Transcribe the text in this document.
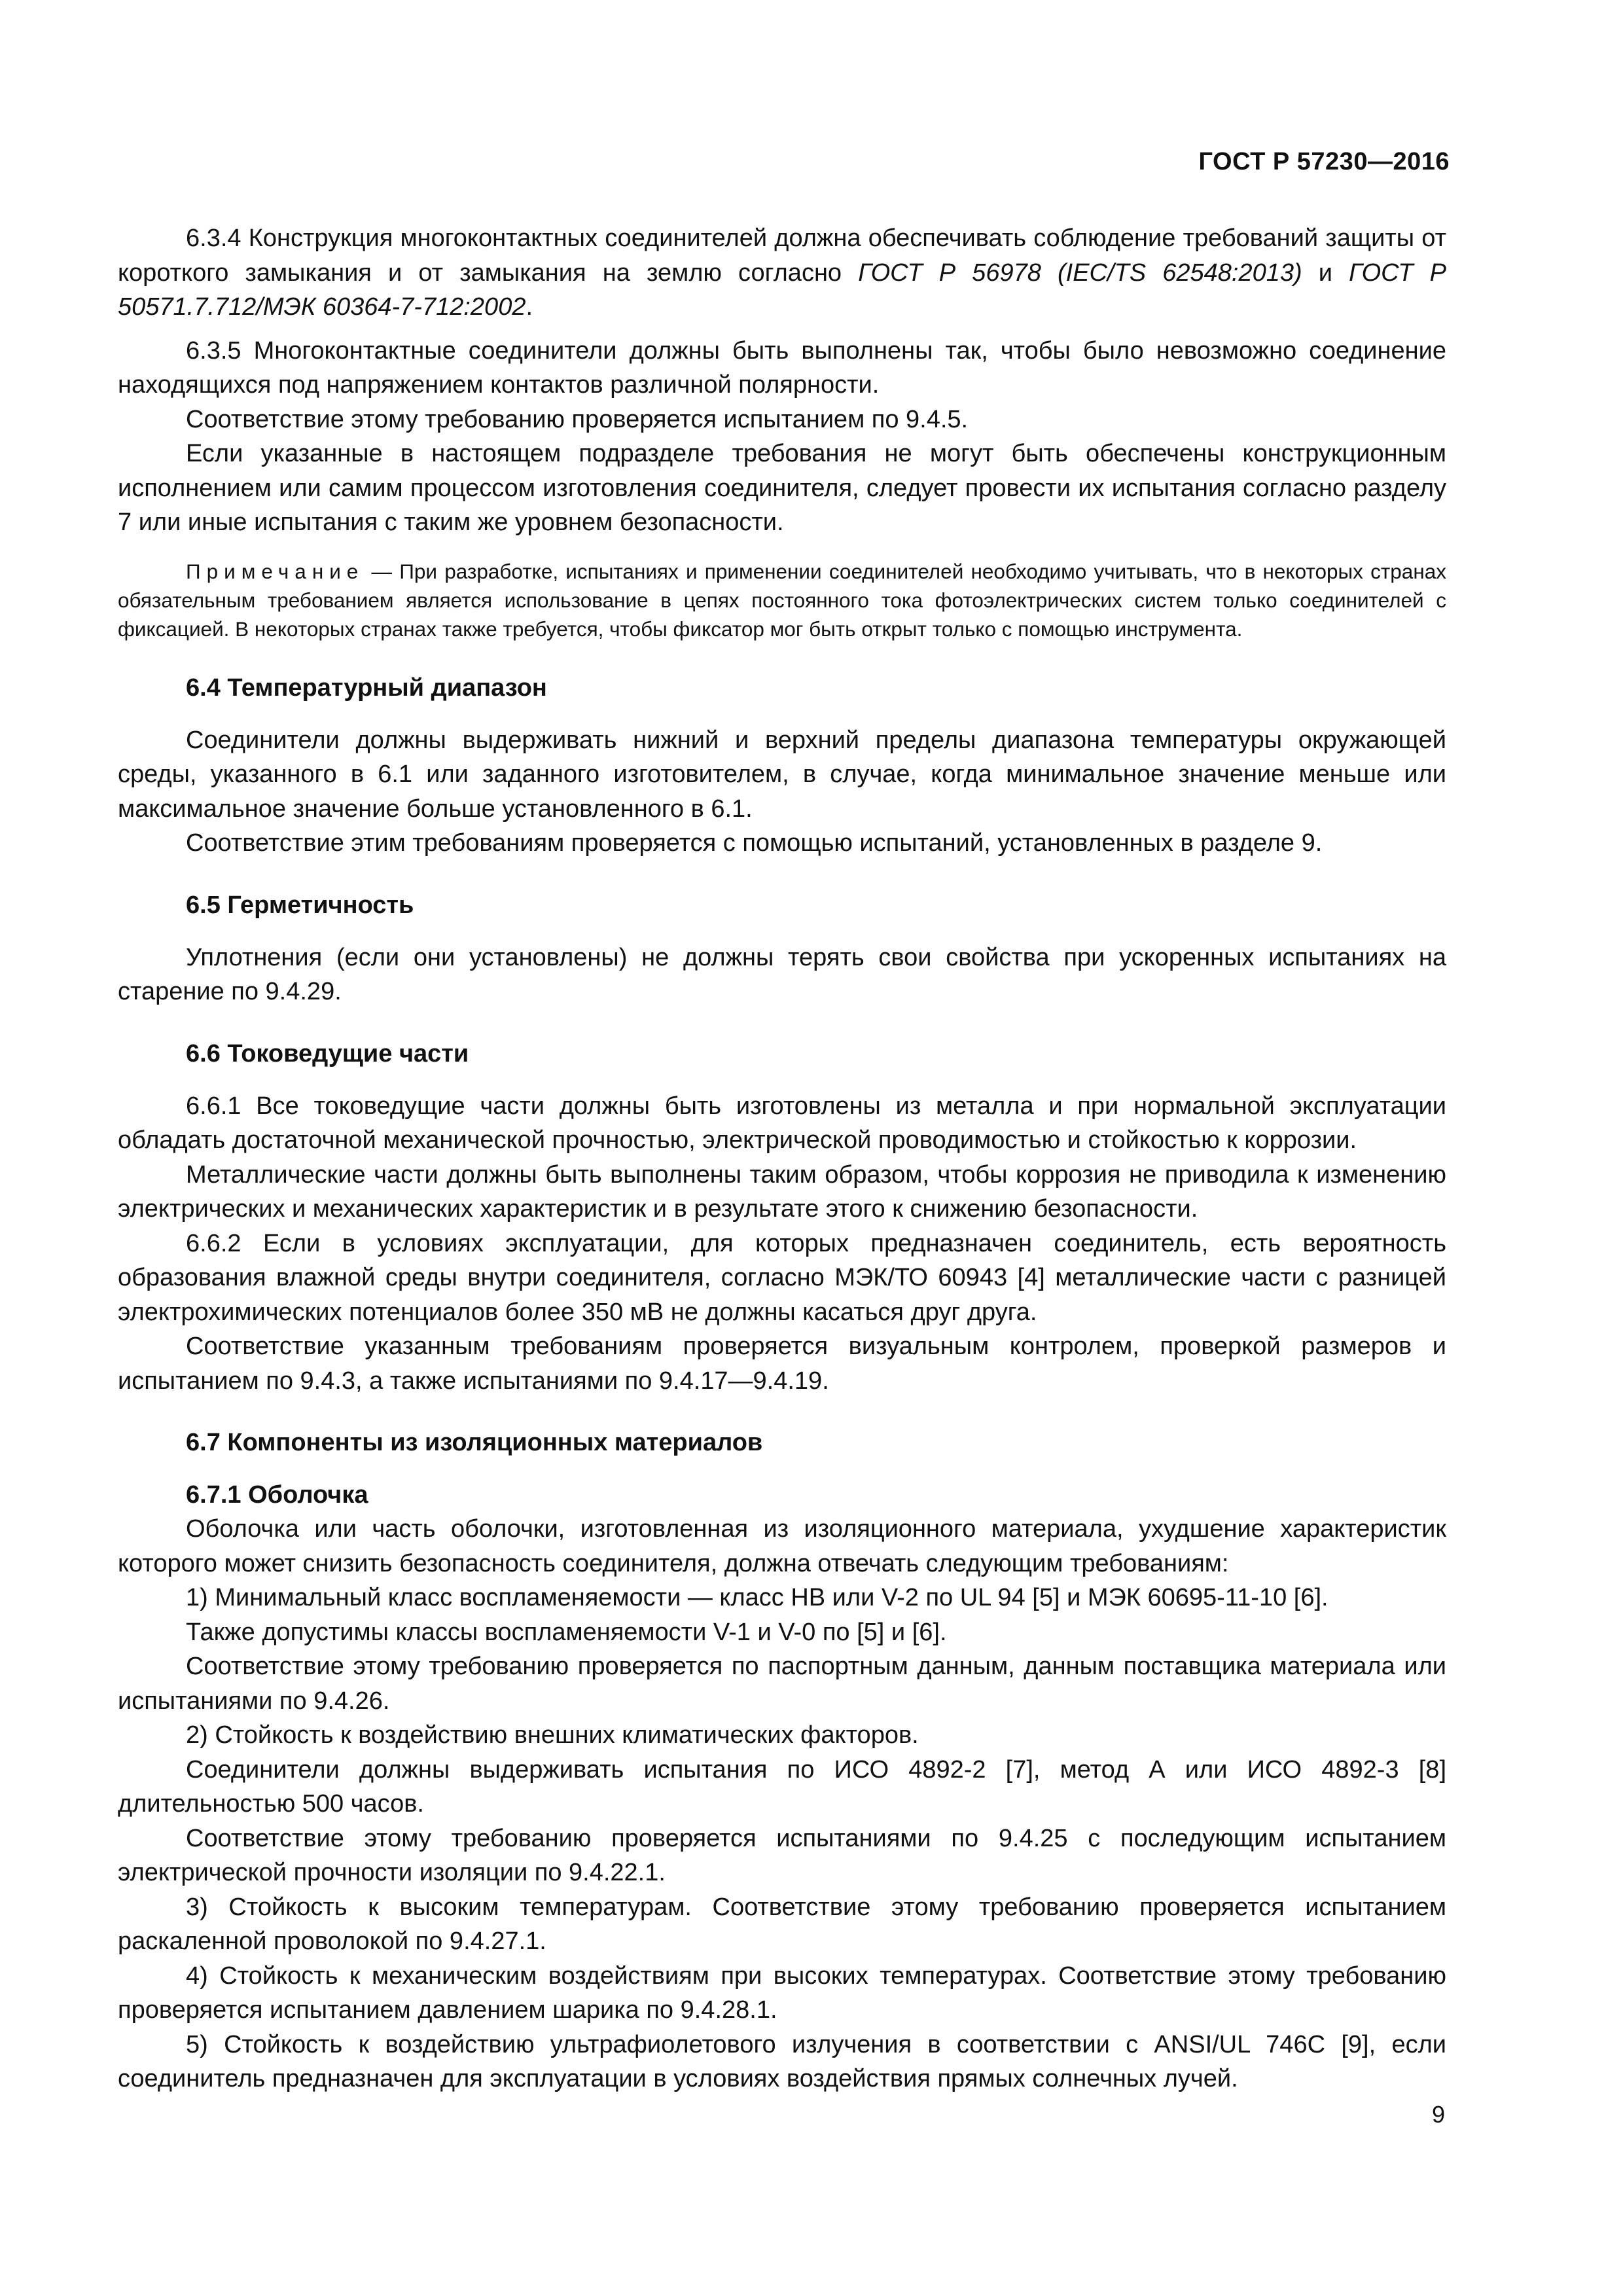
ГОСТ Р 57230—2016

6.3.4 Конструкция многоконтактных соединителей должна обеспечивать соблюдение требований защиты от короткого замыкания и от замыкания на землю согласно ГОСТ Р 56978 (IEC/TS 62548:2013) и ГОСТ Р 50571.7.712/МЭК 60364-7-712:2002.

6.3.5 Многоконтактные соединители должны быть выполнены так, чтобы было невозможно соединение находящихся под напряжением контактов различной полярности.

Соответствие этому требованию проверяется испытанием по 9.4.5.

Если указанные в настоящем подразделе требования не могут быть обеспечены конструкционным исполнением или самим процессом изготовления соединителя, следует провести их испытания согласно разделу 7 или иные испытания с таким же уровнем безопасности.

Примечание — При разработке, испытаниях и применении соединителей необходимо учитывать, что в некоторых странах обязательным требованием является использование в цепях постоянного тока фотоэлектрических систем только соединителей с фиксацией. В некоторых странах также требуется, чтобы фиксатор мог быть открыт только с помощью инструмента.
6.4 Температурный диапазон

Соединители должны выдерживать нижний и верхний пределы диапазона температуры окружающей среды, указанного в 6.1 или заданного изготовителем, в случае, когда минимальное значение меньше или максимальное значение больше установленного в 6.1.

Соответствие этим требованиям проверяется с помощью испытаний, установленных в разделе 9.

6.5 Герметичность

Уплотнения (если они установлены) не должны терять свои свойства при ускоренных испытаниях на старение по 9.4.29.

6.6 Токоведущие части

6.6.1 Все токоведущие части должны быть изготовлены из металла и при нормальной эксплуатации обладать достаточной механической прочностью, электрической проводимостью и стойкостью к коррозии.

Металлические части должны быть выполнены таким образом, чтобы коррозия не приводила к изменению электрических и механических характеристик и в результате этого к снижению безопасности.

6.6.2 Если в условиях эксплуатации, для которых предназначен соединитель, есть вероятность образования влажной среды внутри соединителя, согласно МЭК/ТО 60943 [4] металлические части с разницей электрохимических потенциалов более 350 мВ не должны касаться друг друга.

Соответствие указанным требованиям проверяется визуальным контролем, проверкой размеров и испытанием по 9.4.3, а также испытаниями по 9.4.17—9.4.19.

6.7 Компоненты из изоляционных материалов
6.7.1 Оболочка

Оболочка или часть оболочки, изготовленная из изоляционного материала, ухудшение характеристик которого может снизить безопасность соединителя, должна отвечать следующим требованиям:

1) Минимальный класс воспламеняемости — класс НВ или V-2 по UL 94 [5] и МЭК 60695-11-10 [6].

Также допустимы классы воспламеняемости V-1 и V-0 по [5] и [6].

Соответствие этому требованию проверяется по паспортным данным, данным поставщика материала или испытаниями по 9.4.26.

2) Стойкость к воздействию внешних климатических факторов.

Соединители должны выдерживать испытания по ИСО 4892-2 [7], метод А или ИСО 4892-3 [8] длительностью 500 часов.

Соответствие этому требованию проверяется испытаниями по 9.4.25 с последующим испытанием электрической прочности изоляции по 9.4.22.1.

3) Стойкость к высоким температурам. Соответствие этому требованию проверяется испытанием раскаленной проволокой по 9.4.27.1.

4) Стойкость к механическим воздействиям при высоких температурах. Соответствие этому требованию проверяется испытанием давлением шарика по 9.4.28.1.

5) Стойкость к воздействию ультрафиолетового излучения в соответствии с ANSI/UL 746C [9], если соединитель предназначен для эксплуатации в условиях воздействия прямых солнечных лучей.

9
